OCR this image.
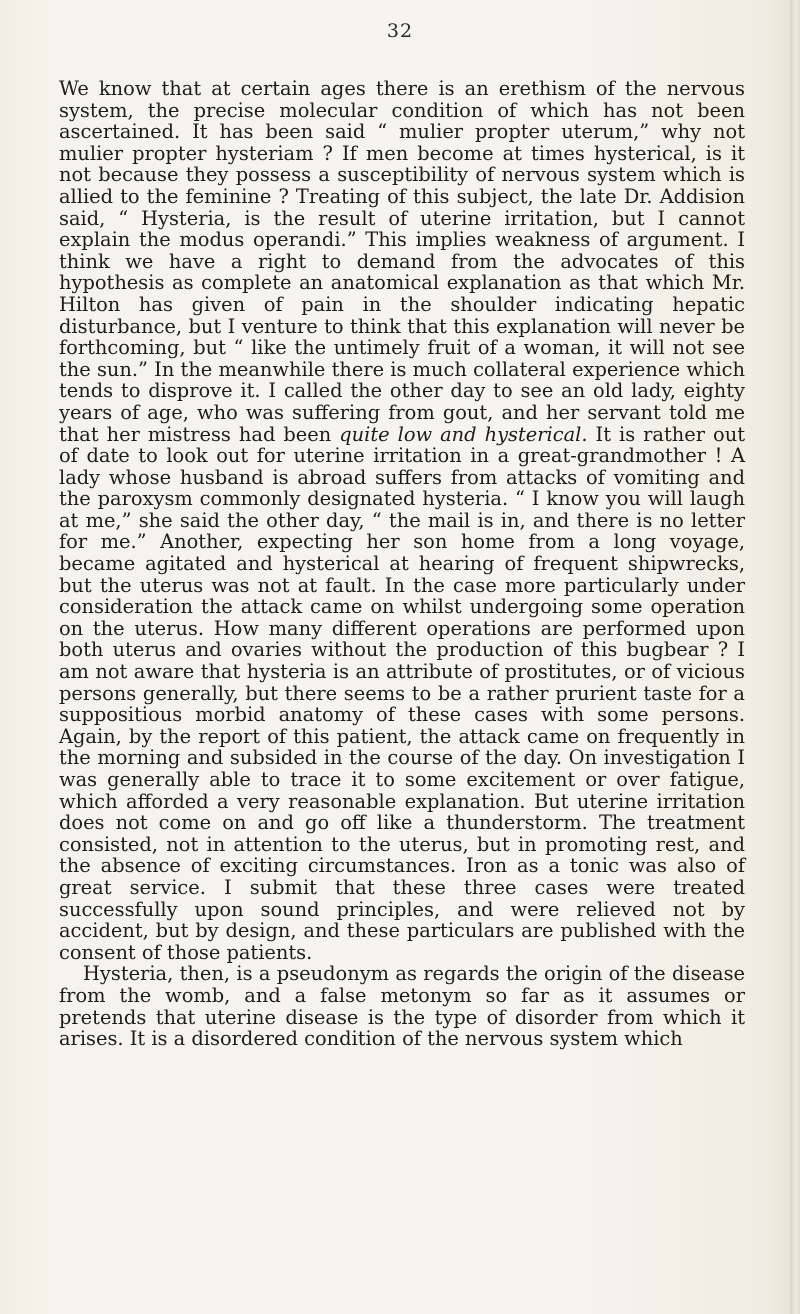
32

We know that at certain ages there is an erethism of the nervous system, the precise molecular condition of which has not been ascertained. It has been said “ mulier propter uterum,” why not mulier propter hysteriam ? If men become at times hysterical, is it not because they possess a susceptibility of nervous system which is allied to the feminine ? Treating of this subject, the late Dr. Addision said, “ Hysteria, is the result of uterine irritation, but I cannot explain the modus operandi.” This implies weakness of argument. I think we have a right to demand from the advocates of this hypothesis as complete an anatomical explanation as that which Mr. Hilton has given of pain in the shoulder indicating hepatic disturbance, but I venture to think that this explanation will never be forthcoming, but “ like the untimely fruit of a woman, it will not see the sun.” In the meanwhile there is much collateral experience which tends to disprove it. I called the other day to see an old lady, eighty years of age, who was suffering from gout, and her servant told me that her mistress had been quite low and hysterical. It is rather out of date to look out for uterine irritation in a great-grandmother ! A lady whose husband is abroad suffers from attacks of vomiting and the paroxysm commonly designated hysteria. “ I know you will laugh at me,” she said the other day, “ the mail is in, and there is no letter for me.” Another, expecting her son home from a long voyage, became agitated and hysterical at hearing of frequent shipwrecks, but the uterus was not at fault. In the case more particularly under consideration the attack came on whilst undergoing some operation on the uterus. How many different operations are performed upon both uterus and ovaries without the production of this bugbear ? I am not aware that hysteria is an attribute of prostitutes, or of vicious persons generally, but there seems to be a rather prurient taste for a suppositious morbid anatomy of these cases with some persons. Again, by the report of this patient, the attack came on frequently in the morning and subsided in the course of the day. On investigation I was generally able to trace it to some excitement or over fatigue, which afforded a very reasonable explanation. But uterine irritation does not come on and go off like a thunderstorm. The treatment consisted, not in attention to the uterus, but in promoting rest, and the absence of exciting circumstances. Iron as a tonic was also of great service. I submit that these three cases were treated successfully upon sound principles, and were relieved not by accident, but by design, and these particulars are published with the consent of those patients.

Hysteria, then, is a pseudonym as regards the origin of the disease from the womb, and a false metonym so far as it assumes or pretends that uterine disease is the type of disorder from which it arises. It is a disordered condition of the nervous system which
